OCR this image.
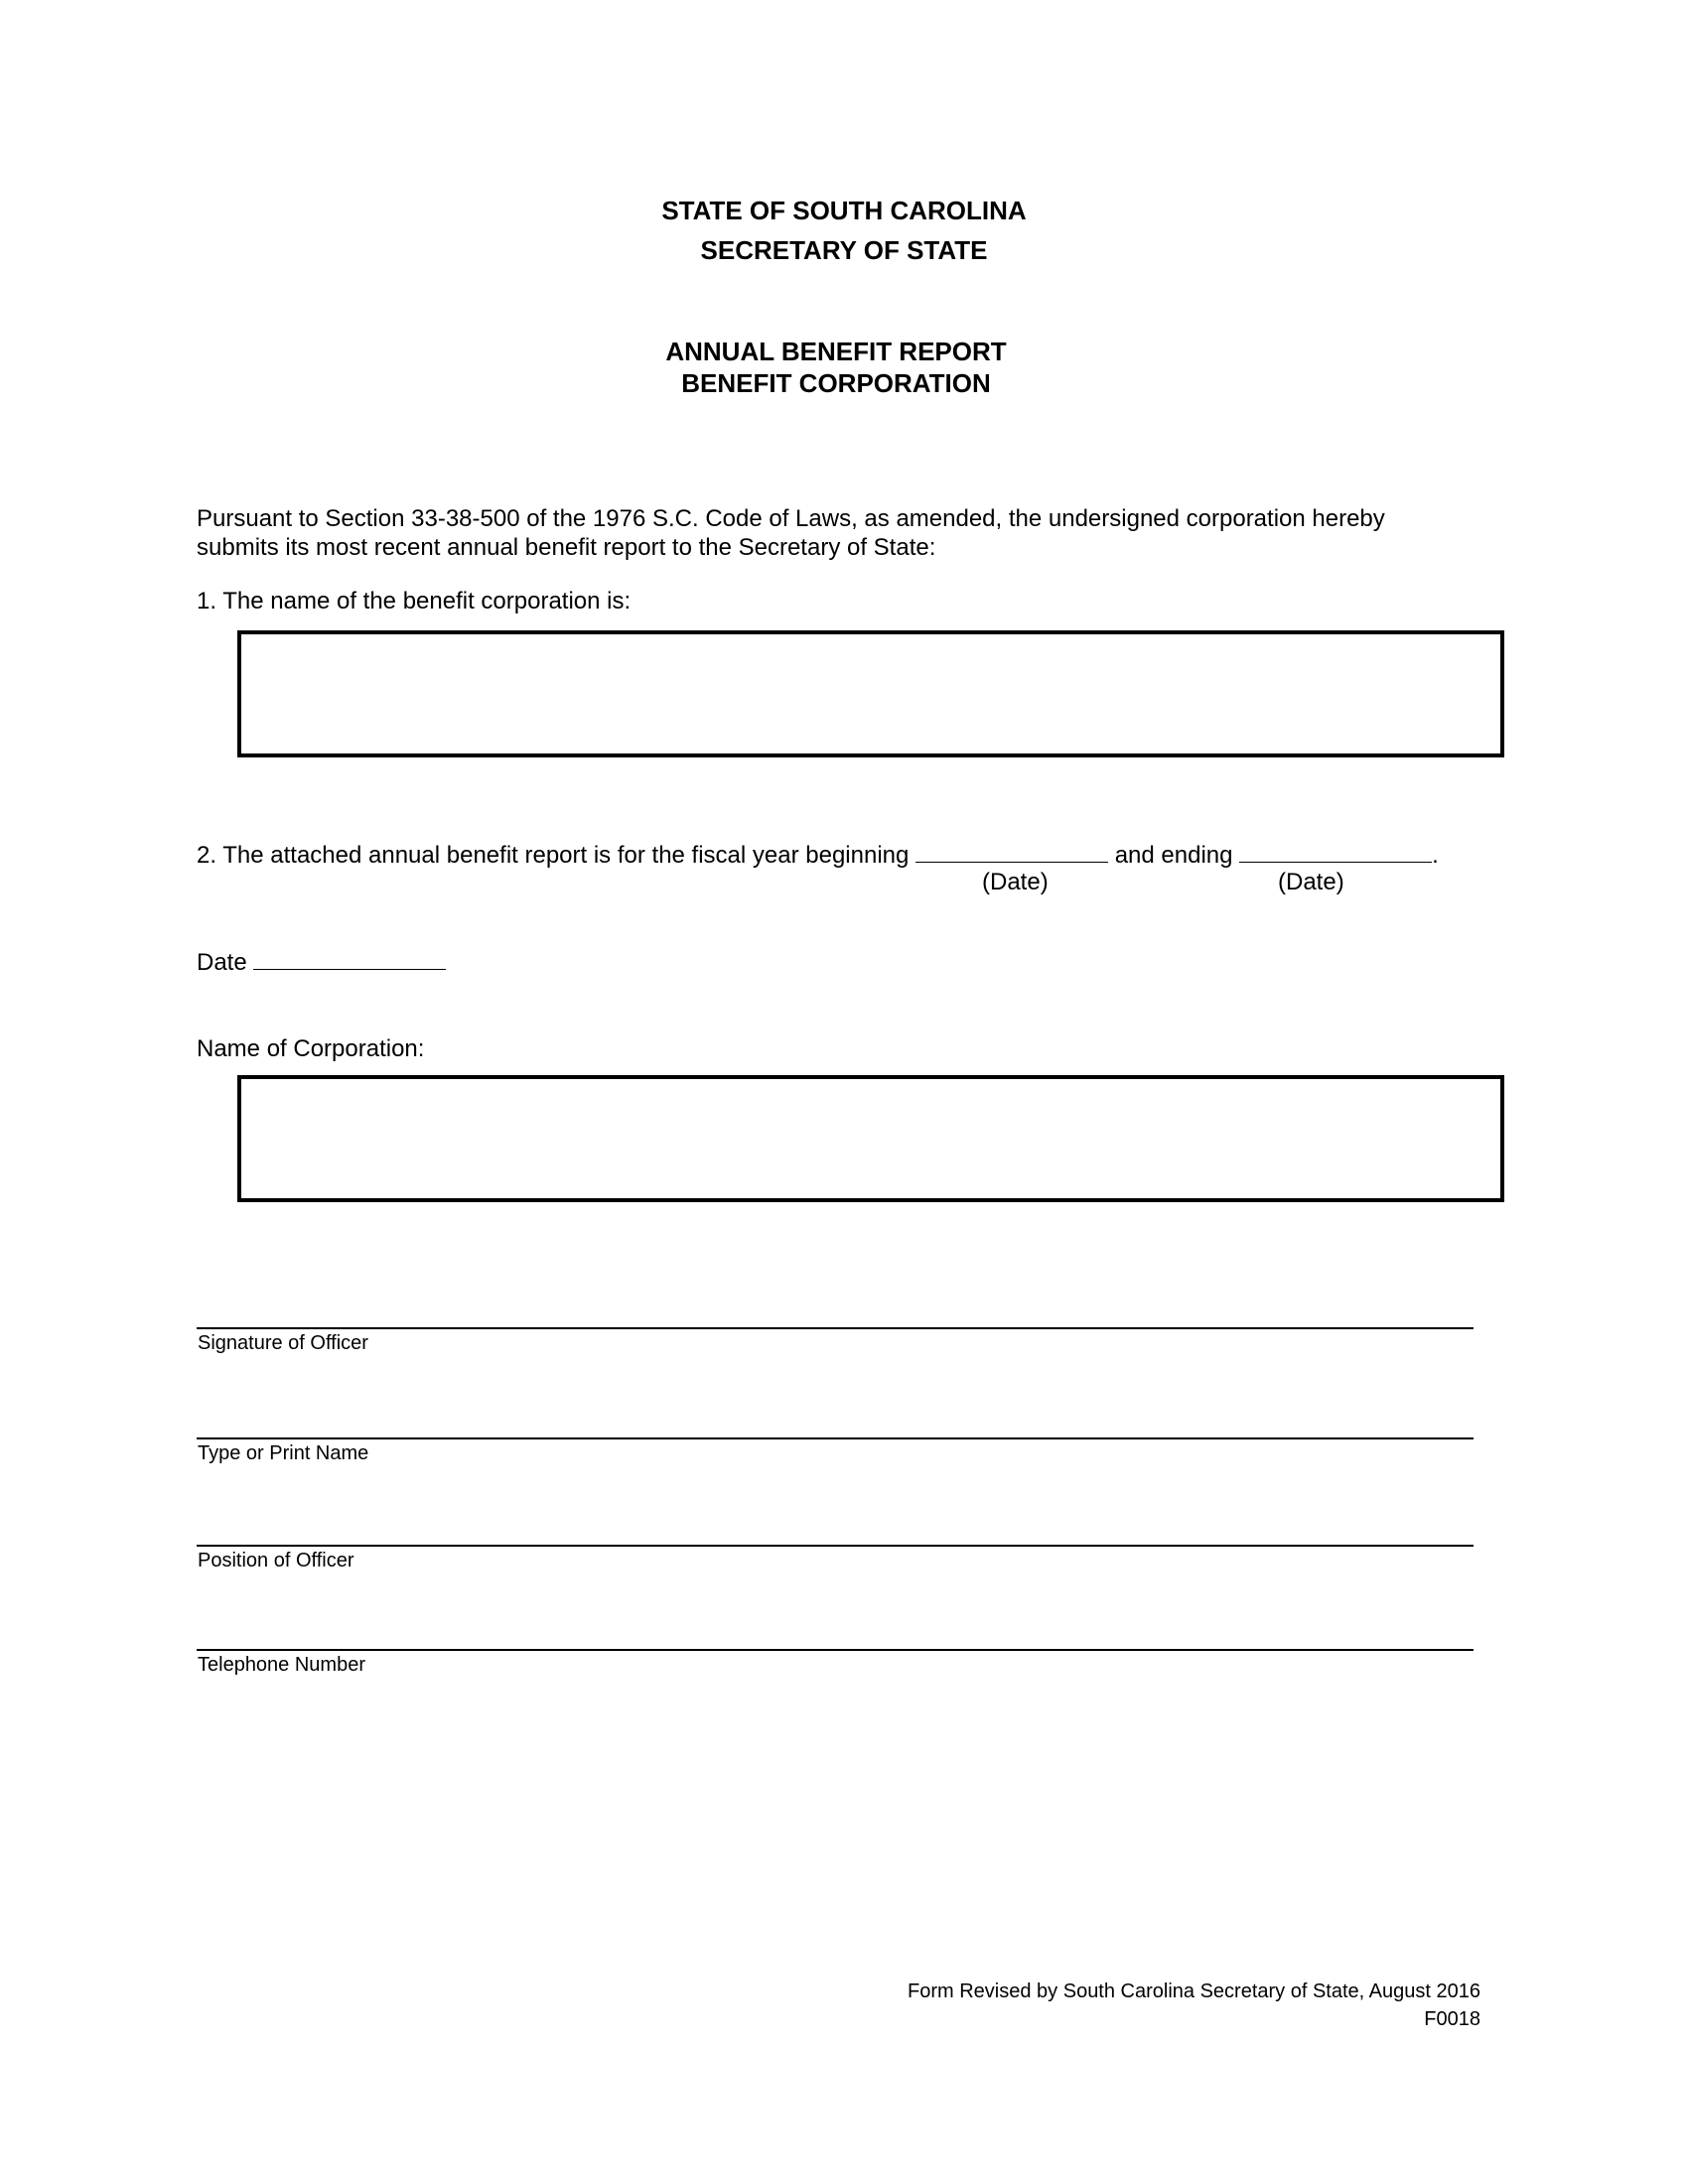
STATE OF SOUTH CAROLINA
SECRETARY OF STATE
ANNUAL BENEFIT REPORT
BENEFIT CORPORATION
Pursuant to Section 33-38-500 of the 1976 S.C. Code of Laws, as amended, the undersigned corporation hereby
submits its most recent annual benefit report to the Secretary of State:
1. The name of the benefit corporation is:
2. The attached annual benefit report is for the fiscal year beginning	and ending	.
(Date)	(Date)
Date
Name of Corporation:
Signature of Officer
Type or Print Name
Position of Officer
Telephone Number
Form Revised by South Carolina Secretary of State, August 2016
F0018
